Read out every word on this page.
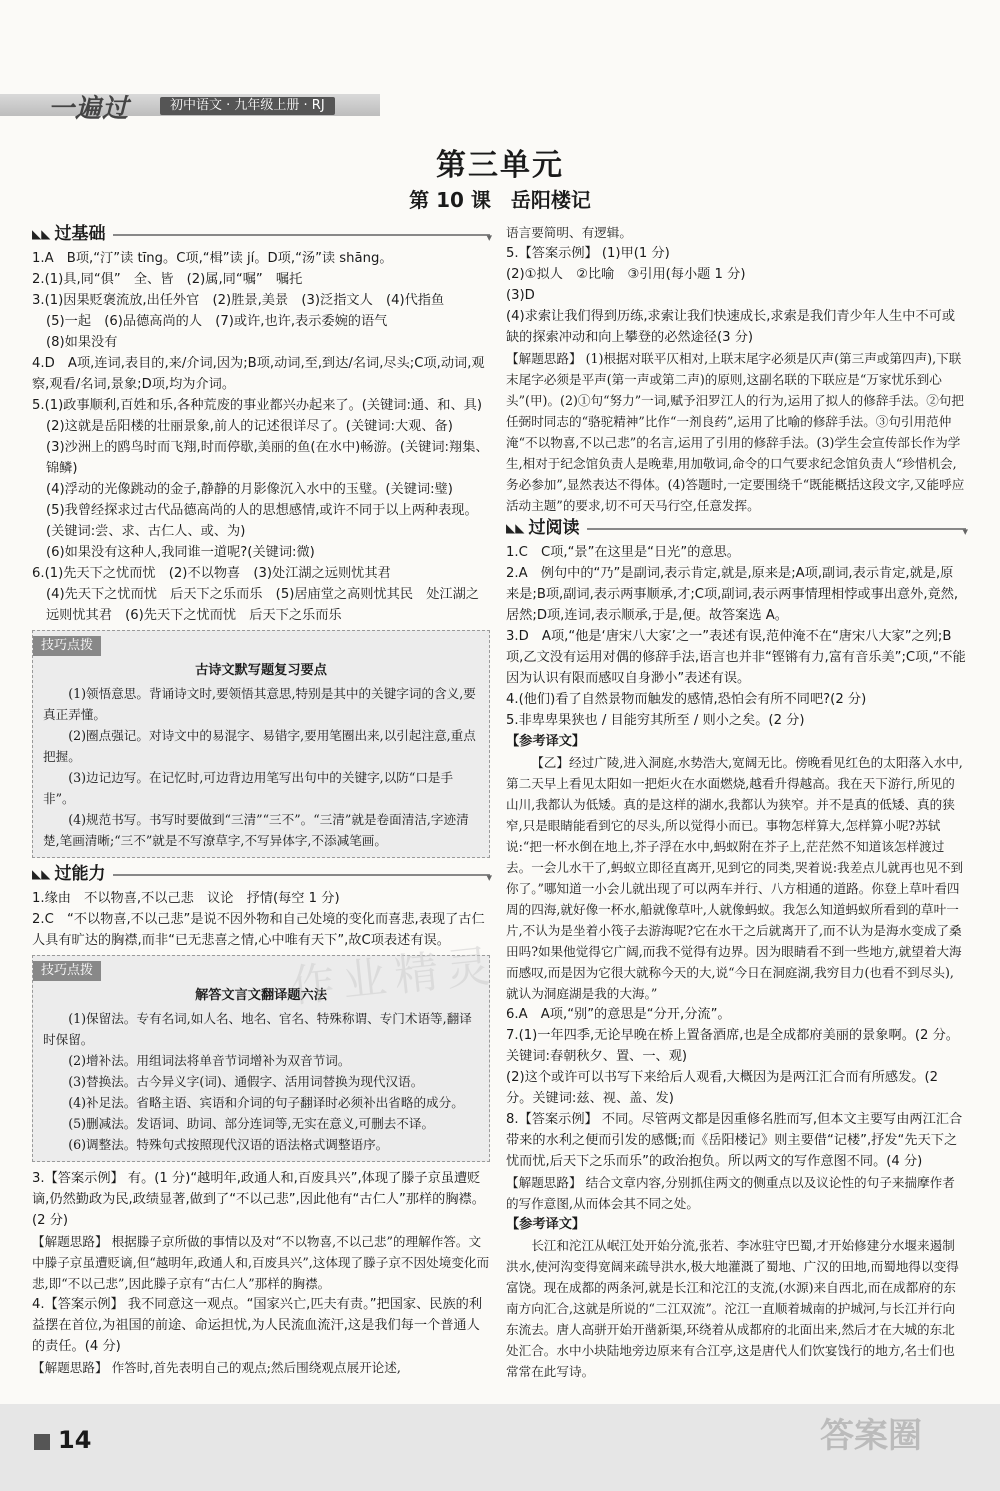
一遍过	初中语文 · 九年级上册 · RJ
第三单元
第 10 课　岳阳楼记
◣◣ 过基础
▾

1.A　B项,“汀”读 tīng。C项,“楫”读 jí。D项,“汤”读 shāng。

2.(1)具,同“俱”　全、皆　(2)属,同“嘱”　嘱托

3.(1)因果贬褒流放,出任外官　(2)胜景,美景　(3)泛指文人　(4)代指鱼

(5)一起　(6)品德高尚的人　(7)或许,也许,表示委婉的语气

(8)如果没有

4.D　A项,连词,表目的,来/介词,因为;B项,动词,至,到达/名词,尽头;C项,动词,观察,观看/名词,景象;D项,均为介词。

5.(1)政事顺利,百姓和乐,各种荒废的事业都兴办起来了。(关键词:通、和、具)

(2)这就是岳阳楼的壮丽景象,前人的记述很详尽了。(关键词:大观、备)

(3)沙洲上的鸥鸟时而飞翔,时而停歇,美丽的鱼(在水中)畅游。(关键词:翔集、锦鳞)

(4)浮动的光像跳动的金子,静静的月影像沉入水中的玉璧。(关键词:璧)

(5)我曾经探求过古代品德高尚的人的思想感情,或许不同于以上两种表现。(关键词:尝、求、古仁人、或、为)

(6)如果没有这种人,我同谁一道呢?(关键词:微)

6.(1)先天下之忧而忧　(2)不以物喜　(3)处江湖之远则忧其君

(4)先天下之忧而忧　后天下之乐而乐　(5)居庙堂之高则忧其民　处江湖之远则忧其君　(6)先天下之忧而忧　后天下之乐而乐

技巧点拨
古诗文默写题复习要点

(1)领悟意思。背诵诗文时,要领悟其意思,特别是其中的关键字词的含义,要真正弄懂。

(2)圈点强记。对诗文中的易混字、易错字,要用笔圈出来,以引起注意,重点把握。

(3)边记边写。在记忆时,可边背边用笔写出句中的关键字,以防“口是手非”。

(4)规范书写。书写时要做到“三清”“三不”。“三清”就是卷面清洁,字迹清楚,笔画清晰;“三不”就是不写潦草字,不写异体字,不添减笔画。

◣◣ 过能力
▾

1.缘由　不以物喜,不以己悲　议论　抒情(每空 1 分)

2.C　“不以物喜,不以己悲”是说不因外物和自己处境的变化而喜悲,表现了古仁人具有旷达的胸襟,而非“已无悲喜之情,心中唯有天下”,故C项表述有误。

技巧点拨
解答文言文翻译题六法

(1)保留法。专有名词,如人名、地名、官名、特殊称谓、专门术语等,翻译时保留。

(2)增补法。用组词法将单音节词增补为双音节词。

(3)替换法。古今异义字(词)、通假字、活用词替换为现代汉语。

(4)补足法。省略主语、宾语和介词的句子翻译时必须补出省略的成分。

(5)删减法。发语词、助词、部分连词等,无实在意义,可删去不译。

(6)调整法。特殊句式按照现代汉语的语法格式调整语序。

3.【答案示例】 有。(1 分)“越明年,政通人和,百废具兴”,体现了滕子京虽遭贬谪,仍然勤政为民,政绩显著,做到了“不以己悲”,因此他有“古仁人”那样的胸襟。(2 分)

【解题思路】 根据滕子京所做的事情以及对“不以物喜,不以己悲”的理解作答。文中滕子京虽遭贬谪,但“越明年,政通人和,百废具兴”,这体现了滕子京不因处境变化而悲,即“不以己悲”,因此滕子京有“古仁人”那样的胸襟。

4.【答案示例】 我不同意这一观点。“国家兴亡,匹夫有责。”把国家、民族的利益摆在首位,为祖国的前途、命运担忧,为人民流血流汗,这是我们每一个普通人的责任。(4 分)

【解题思路】 作答时,首先表明自己的观点;然后围绕观点展开论述,

语言要简明、有逻辑。

5.【答案示例】 (1)甲(1 分)

(2)①拟人　②比喻　③引用(每小题 1 分)

(3)D

(4)求索让我们得到历练,求索让我们快速成长,求索是我们青少年人生中不可或缺的探索冲动和向上攀登的必然途径(3 分)

【解题思路】 (1)根据对联平仄相对,上联末尾字必须是仄声(第三声或第四声),下联末尾字必须是平声(第一声或第二声)的原则,这副名联的下联应是“万家忧乐到心头”(甲)。(2)①句“努力”一词,赋予汨罗江人的行为,运用了拟人的修辞手法。②句把任弼时同志的“骆驼精神”比作“一剂良药”,运用了比喻的修辞手法。③句引用范仲淹“不以物喜,不以己悲”的名言,运用了引用的修辞手法。(3)学生会宣传部长作为学生,相对于纪念馆负责人是晚辈,用加敬词,命令的口气要求纪念馆负责人“珍惜机会,务必参加”,显然表达不得体。(4)答题时,一定要围绕千“既能概括这段文字,又能呼应活动主题”的要求,切不可天马行空,任意发挥。

◣◣ 过阅读
▾

1.C　C项,“景”在这里是“日光”的意思。

2.A　例句中的“乃”是副词,表示肯定,就是,原来是;A项,副词,表示肯定,就是,原来是;B项,副词,表示两事顺承,才;C项,副词,表示两事情理相悖或事出意外,竟然,居然;D项,连词,表示顺承,于是,便。故答案选 A。

3.D　A项,“他是‘唐宋八大家’之一”表述有误,范仲淹不在“唐宋八大家”之列;B项,乙文没有运用对偶的修辞手法,语言也并非“铿锵有力,富有音乐美”;C项,“不能因为认识有限而感叹自身渺小”表述有误。

4.(他们)看了自然景物而触发的感情,恐怕会有所不同吧?(2 分)

5.非卑卑果狭也 / 目能穷其所至 / 则小之矣。(2 分)

【参考译文】

【乙】经过广陵,进入洞庭,水势浩大,宽阔无比。傍晚看见红色的太阳落入水中,第二天早上看见太阳如一把炬火在水面燃烧,越看升得越高。我在天下游行,所见的山川,我都认为低矮。真的是这样的湖水,我都认为狭窄。并不是真的低矮、真的狭窄,只是眼睛能看到它的尽头,所以觉得小而已。事物怎样算大,怎样算小呢?苏轼说:“把一杯水倒在地上,芥子浮在水中,蚂蚁附在芥子上,茫茫然不知道该怎样渡过去。一会儿水干了,蚂蚁立即径直离开,见到它的同类,哭着说:我差点儿就再也见不到你了。”哪知道一小会儿就出现了可以两车并行、八方相通的道路。你登上草叶看四周的四海,就好像一杯水,船就像草叶,人就像蚂蚁。我怎么知道蚂蚁所看到的草叶一片,不认为是坐着小筏子去游海呢?它在水干之后就离开了,而不认为是海水变成了桑田吗?如果他觉得它广阔,而我不觉得有边界。因为眼睛看不到一些地方,就望着大海而感叹,而是因为它很大就称今天的大,说“今日在洞庭湖,我穷目力(也看不到尽头),就认为洞庭湖是我的大海。”

6.A　A项,“别”的意思是“分开,分流”。

7.(1)一年四季,无论早晚在桥上置备酒席,也是全成都府美丽的景象啊。(2 分。关键词:春朝秋夕、置、一、观)

(2)这个或许可以书写下来给后人观看,大概因为是两江汇合而有所感发。(2 分。关键词:兹、视、盖、发)

8.【答案示例】 不同。尽管两文都是因重修名胜而写,但本文主要写由两江汇合带来的水利之便而引发的感慨;而《岳阳楼记》则主要借“记楼”,抒发“先天下之忧而忧,后天下之乐而乐”的政治抱负。所以两文的写作意图不同。(4 分)

【解题思路】 结合文章内容,分别抓住两文的侧重点以及议论性的句子来揣摩作者的写作意图,从而体会其不同之处。

【参考译文】

长江和沱江从岷江处开始分流,张若、李冰驻守巴蜀,才开始修建分水堰来遏制洪水,使河沟变得宽阔来疏导洪水,极大地灌溉了蜀地、广汉的田地,而蜀地得以变得富饶。现在成都的两条河,就是长江和沱江的支流,(水源)来自西北,而在成都府的东南方向汇合,这就是所说的“二江双流”。沱江一直顺着城南的护城河,与长江并行向东流去。唐人高骈开始开凿新渠,环绕着从成都府的北面出来,然后才在大城的东北处汇合。水中小块陆地旁边原来有合江亭,这是唐代人们饮宴饯行的地方,名士们也常常在此写诗。

作业精灵
14	答案圈
